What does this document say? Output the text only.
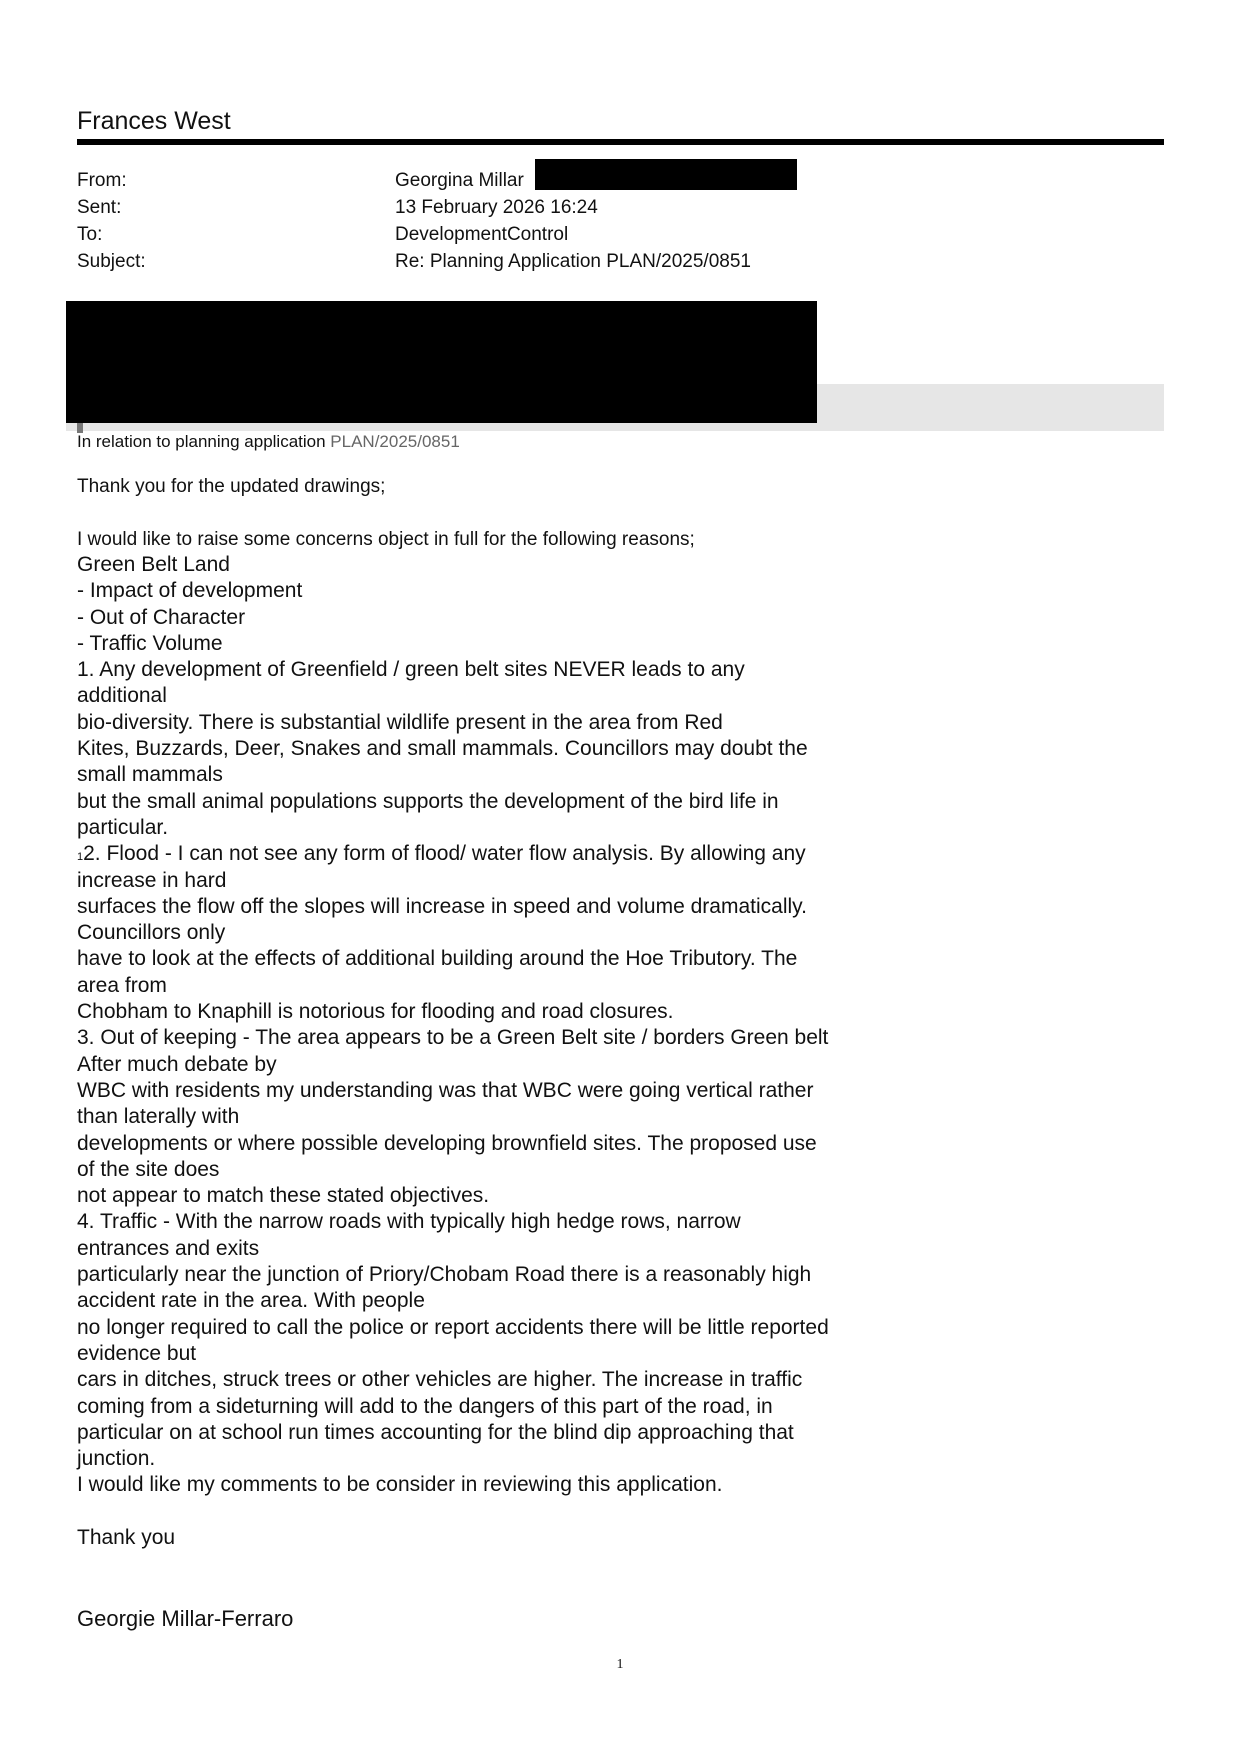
Frances West
From:	Georgina Millar
Sent:	13 February 2026 16:24
To:	DevelopmentControl
Subject:	Re: Planning Application PLAN/2025/0851
In relation to planning application PLAN/2025/0851
Thank you for the updated drawings;
I would like to raise some concerns object in full for the following reasons;
Green Belt Land
- Impact of development
- Out of Character
- Traffic Volume
1. Any development of Greenfield / green belt sites NEVER leads to any
additional
bio-diversity. There is substantial wildlife present in the area from Red
Kites, Buzzards, Deer, Snakes and small mammals. Councillors may doubt the
small mammals
but the small animal populations supports the development of the bird life in
particular.
12. Flood - I can not see any form of flood/ water flow analysis. By allowing any
increase in hard
surfaces the flow off the slopes will increase in speed and volume dramatically.
Councillors only
have to look at the effects of additional building around the Hoe Tributory. The
area from
Chobham to Knaphill is notorious for flooding and road closures.
3. Out of keeping - The area appears to be a Green Belt site / borders Green belt
After much debate by
WBC with residents my understanding was that WBC were going vertical rather
than laterally with
developments or where possible developing brownfield sites. The proposed use
of the site does
not appear to match these stated objectives.
4. Traffic - With the narrow roads with typically high hedge rows, narrow
entrances and exits
particularly near the junction of Priory/Chobam Road there is a reasonably high
accident rate in the area. With people
no longer required to call the police or report accidents there will be little reported
evidence but
cars in ditches, struck trees or other vehicles are higher. The increase in traffic
coming from a sideturning will add to the dangers of this part of the road, in
particular on at school run times accounting for the blind dip approaching that
junction.
I would like my comments to be consider in reviewing this application.
Thank you
Georgie Millar-Ferraro
1
